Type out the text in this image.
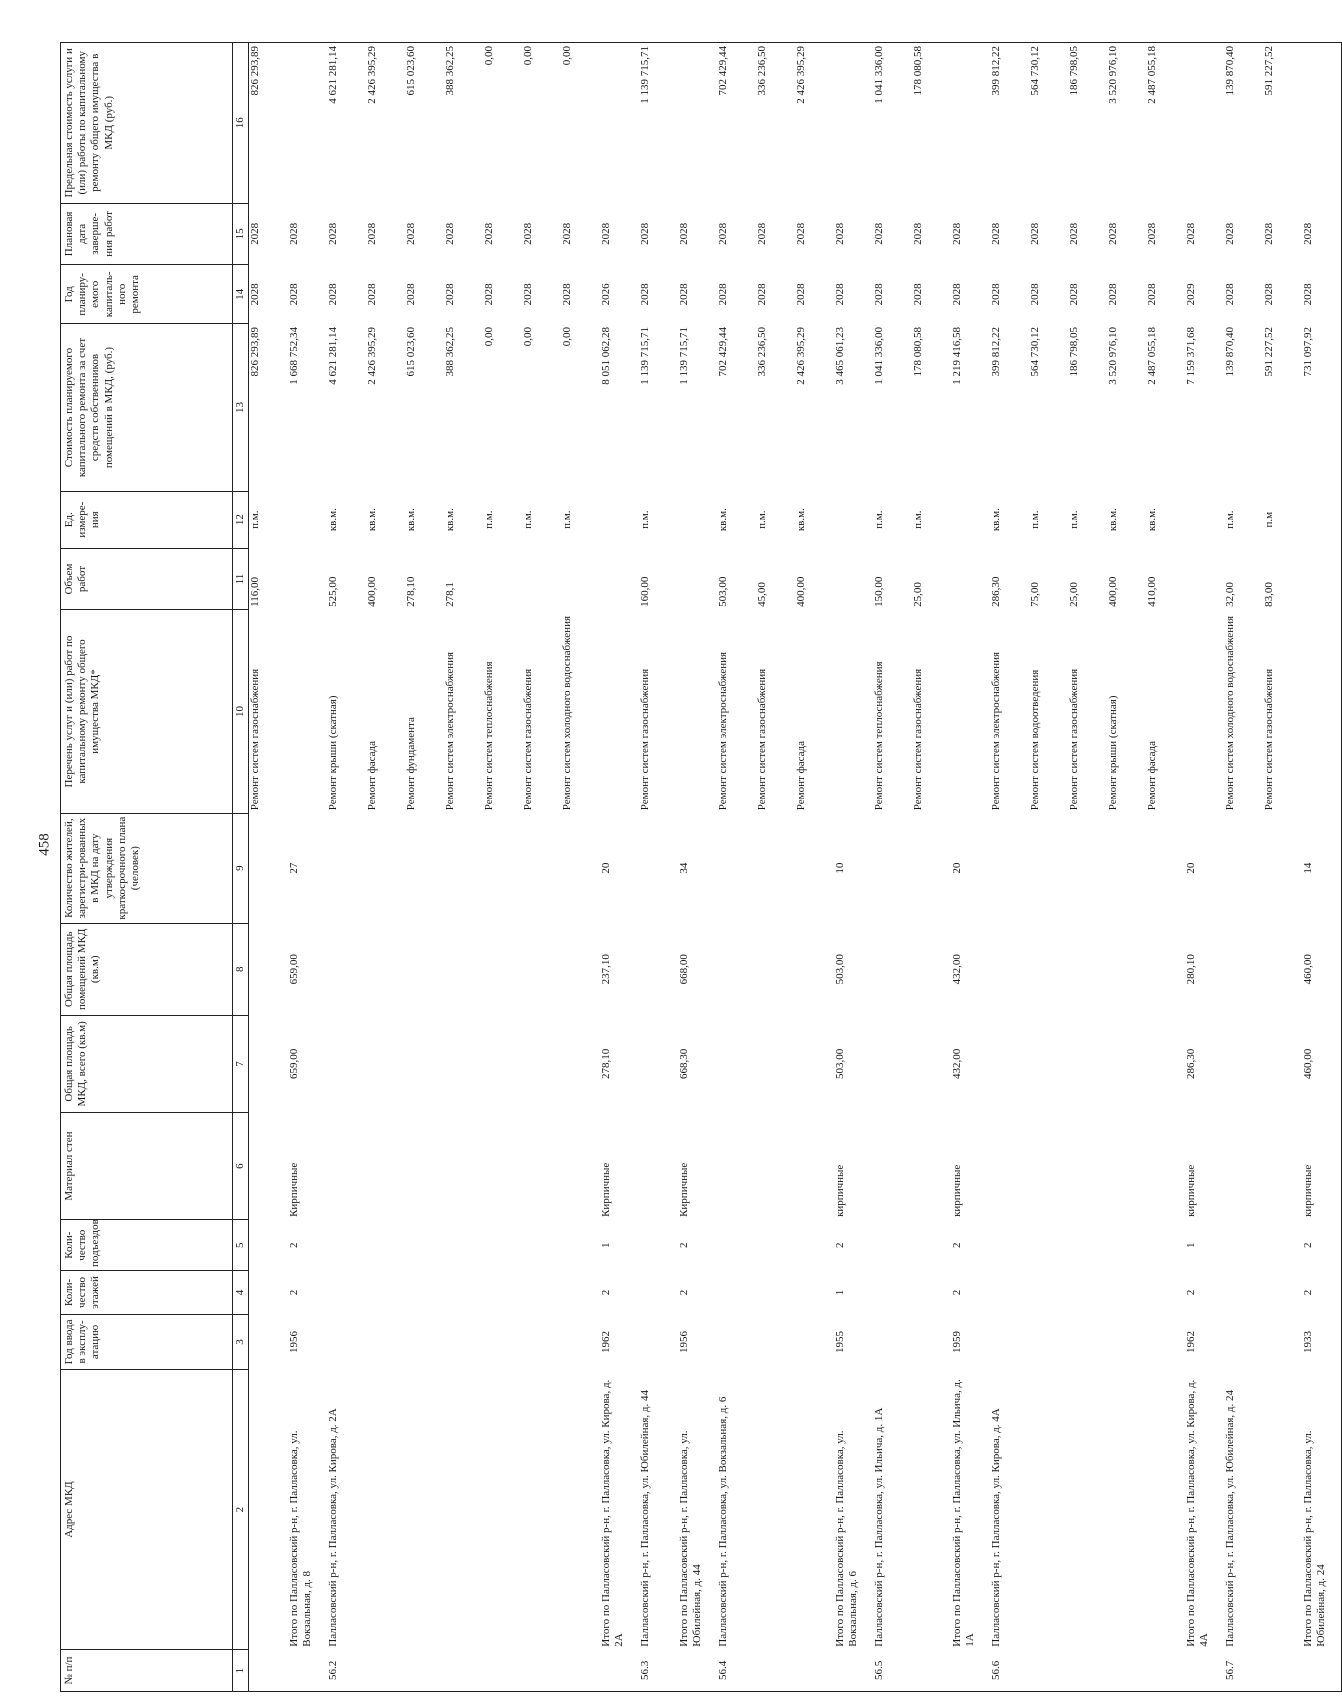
458
№ п/п	Адрес МКД	Год ввода в эксплу-атацию	Коли-чество этажей	Коли-чество подъездов	Материал стен	Общая площадь МКД, всего (кв.м)	Общая площадь помещений МКД (кв.м)	Количество жителей, зарегистри-рованных в МКД на дату утверждения краткосрочного плана (человек)	Перечень услуг и (или) работ по капитальному ремонту общего имущества МКД*	Объем работ	Ед. измере-ния	Стоимость планируемого капитального ремонта за счет средств собственников помещений в МКД, (руб.)	Год планиру-емого капиталь-ного ремонта	Плановая дата заверше-ния работ	Предельная стоимость услуги и (или) работы по капитальному ремонту общего имущества в МКД (руб.)
1	2	3	4	5	6	7	8	9	10	11	12	13	14	15	16
									Ремонт систем газоснабжения	116,00	п.м.	826 293,89	2028	2028	826 293,89
	Итого по Палласовский р-н, г. Палласовка, ул. Вокзальная, д. 8	1956	2	2	Кирпичные	659,00	659,00	27				1 668 752,34	2028	2028	
56.2	Палласовский р-н, г. Палласовка, ул. Кирова, д. 2А								Ремонт крыши (скатная)	525,00	кв.м.	4 621 281,14	2028	2028	4 621 281,14
									Ремонт фасада	400,00	кв.м.	2 426 395,29	2028	2028	2 426 395,29
									Ремонт фундамента	278,10	кв.м.	615 023,60	2028	2028	615 023,60
									Ремонт систем электроснабжения	278,1	кв.м.	388 362,25	2028	2028	388 362,25
									Ремонт систем теплоснабжения		п.м.	0,00	2028	2028	0,00
									Ремонт систем газоснабжения		п.м.	0,00	2028	2028	0,00
									Ремонт систем холодного водоснабжения		п.м.	0,00	2028	2028	0,00
	Итого по Палласовский р-н, г. Палласовка, ул. Кирова, д. 2А	1962	2	1	Кирпичные	278,10	237,10	20				8 051 062,28	2026	2028	
56.3	Палласовский р-н, г. Палласовка, ул. Юбилейная, д. 44								Ремонт систем газоснабжения	160,00	п.м.	1 139 715,71	2028	2028	1 139 715,71
	Итого по Палласовский р-н, г. Палласовка, ул. Юбилейная, д. 44	1956	2	2	Кирпичные	668,30	668,00	34				1 139 715,71	2028	2028	
56.4	Палласовский р-н, г. Палласовка, ул. Вокзальная, д. 6								Ремонт систем электроснабжения	503,00	кв.м.	702 429,44	2028	2028	702 429,44
									Ремонт систем газоснабжения	45,00	п.м.	336 236,50	2028	2028	336 236,50
									Ремонт фасада	400,00	кв.м.	2 426 395,29	2028	2028	2 426 395,29
	Итого по Палласовский р-н, г. Палласовка, ул. Вокзальная, д. 6	1955	1	2	кирпичные	503,00	503,00	10				3 465 061,23	2028	2028	
56.5	Палласовский р-н, г. Палласовка, ул. Ильича, д. 1А								Ремонт систем теплоснабжения	150,00	п.м.	1 041 336,00	2028	2028	1 041 336,00
									Ремонт систем газоснабжения	25,00	п.м.	178 080,58	2028	2028	178 080,58
	Итого по Палласовский р-н, г. Палласовка, ул. Ильича, д. 1А	1959	2	2	кирпичные	432,00	432,00	20				1 219 416,58	2028	2028	
56.6	Палласовский р-н, г. Палласовка, ул. Кирова, д. 4А								Ремонт систем электроснабжения	286,30	кв.м.	399 812,22	2028	2028	399 812,22
									Ремонт систем водоотведения	75,00	п.м.	564 730,12	2028	2028	564 730,12
									Ремонт систем газоснабжения	25,00	п.м.	186 798,05	2028	2028	186 798,05
									Ремонт крыши (скатная)	400,00	кв.м.	3 520 976,10	2028	2028	3 520 976,10
									Ремонт фасада	410,00	кв.м.	2 487 055,18	2028	2028	2 487 055,18
	Итого по Палласовский р-н, г. Палласовка, ул. Кирова, д. 4А	1962	2	1	кирпичные	286,30	280,10	20				7 159 371,68	2029	2028	
56.7	Палласовский р-н, г. Палласовка, ул. Юбилейная, д. 24								Ремонт систем холодного водоснабжения	32,00	п.м.	139 870,40	2028	2028	139 870,40
									Ремонт систем газоснабжения	83,00	п.м	591 227,52	2028	2028	591 227,52
	Итого по Палласовский р-н, г. Палласовка, ул. Юбилейная, д. 24	1933	2	2	кирпичные	460,00	460,00	14				731 097,92	2028	2028	
